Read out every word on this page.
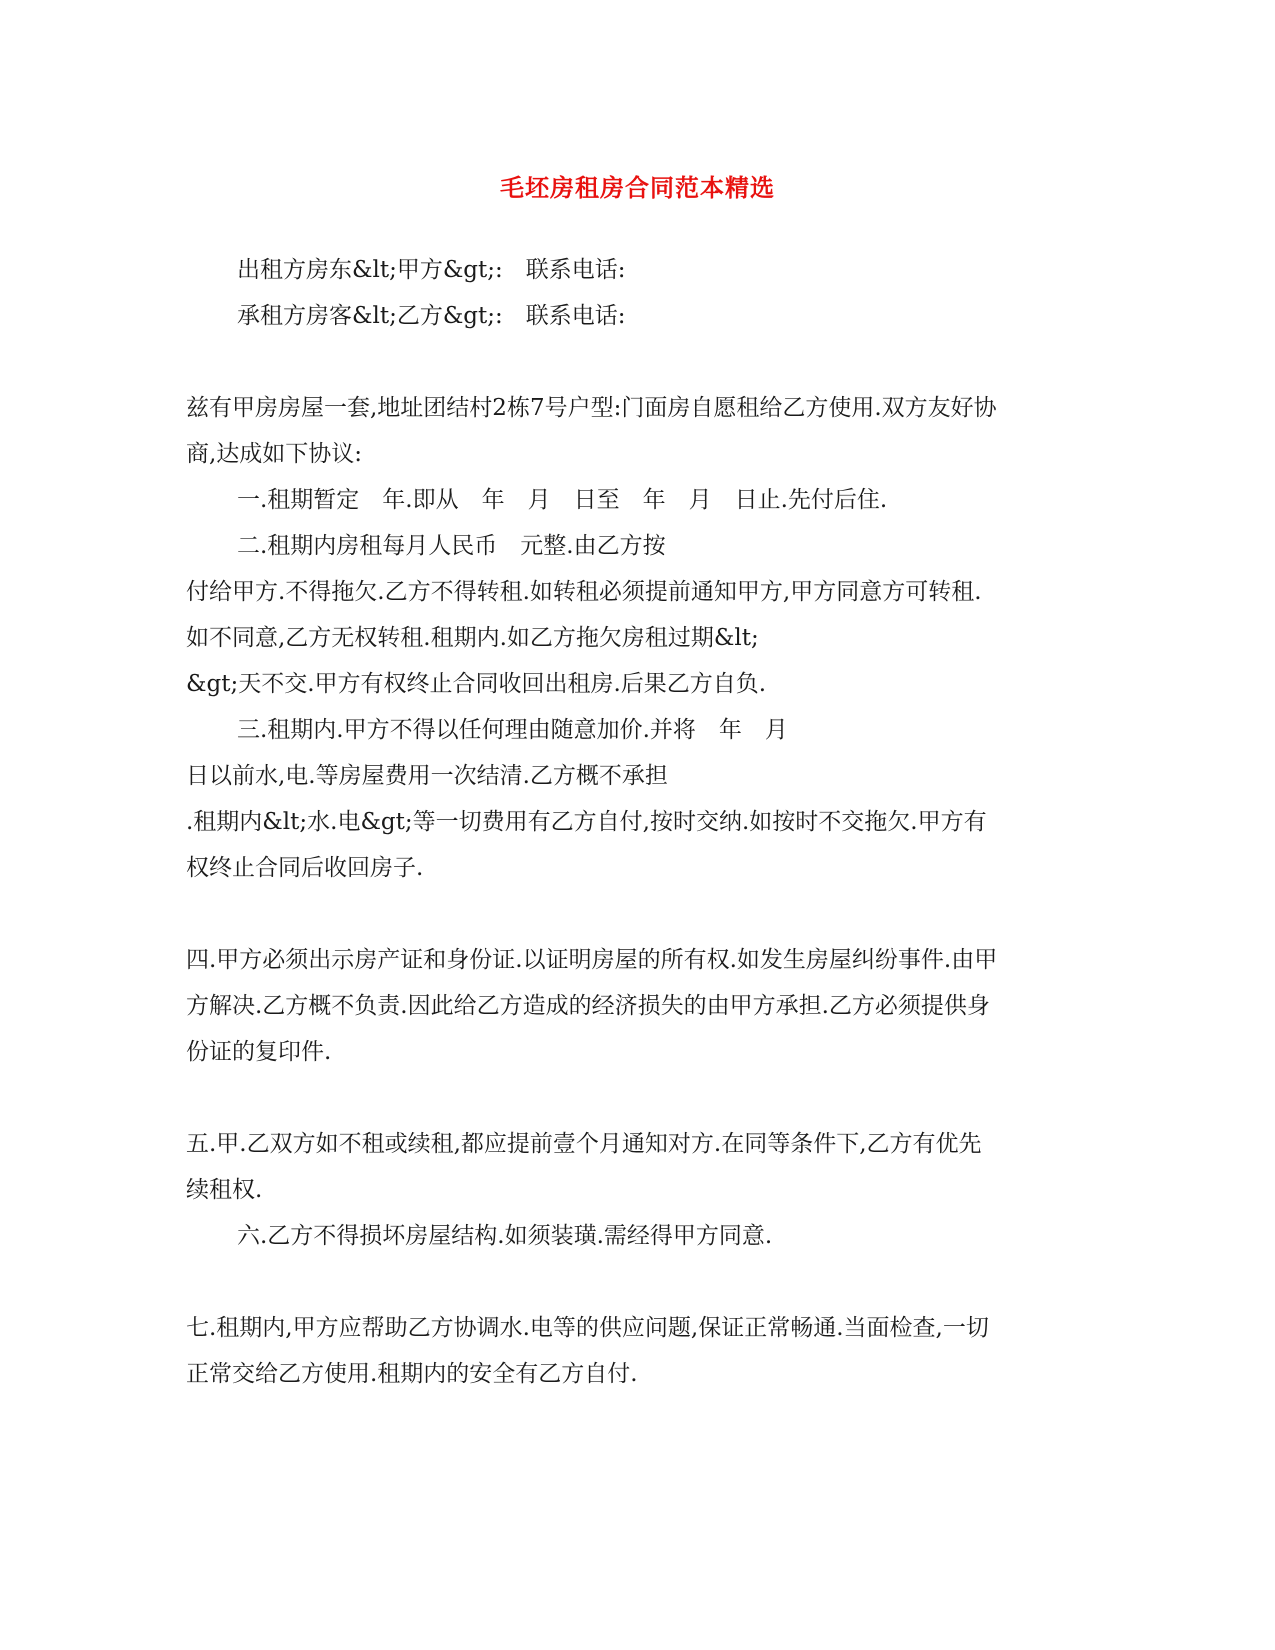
毛坯房租房合同范本精选
出租方房东&lt;甲方&gt;:　联系电话:
承租方房客&lt;乙方&gt;:　联系电话:
兹有甲房房屋一套,地址团结村2栋7号户型:门面房自愿租给乙方使用.双方友好协
商,达成如下协议:
一.租期暂定　年.即从　年　月　日至　年　月　日止.先付后住.
二.租期内房租每月人民币　元整.由乙方按
付给甲方.不得拖欠.乙方不得转租.如转租必须提前通知甲方,甲方同意方可转租.
如不同意,乙方无权转租.租期内.如乙方拖欠房租过期&lt;
&gt;天不交.甲方有权终止合同收回出租房.后果乙方自负.
三.租期内.甲方不得以任何理由随意加价.并将　年　月
日以前水,电.等房屋费用一次结清.乙方概不承担
.租期内&lt;水.电&gt;等一切费用有乙方自付,按时交纳.如按时不交拖欠.甲方有
权终止合同后收回房子.
四.甲方必须出示房产证和身份证.以证明房屋的所有权.如发生房屋纠纷事件.由甲
方解决.乙方概不负责.因此给乙方造成的经济损失的由甲方承担.乙方必须提供身
份证的复印件.
五.甲.乙双方如不租或续租,都应提前壹个月通知对方.在同等条件下,乙方有优先
续租权.
六.乙方不得损坏房屋结构.如须装璜.需经得甲方同意.
七.租期内,甲方应帮助乙方协调水.电等的供应问题,保证正常畅通.当面检查,一切
正常交给乙方使用.租期内的安全有乙方自付.
